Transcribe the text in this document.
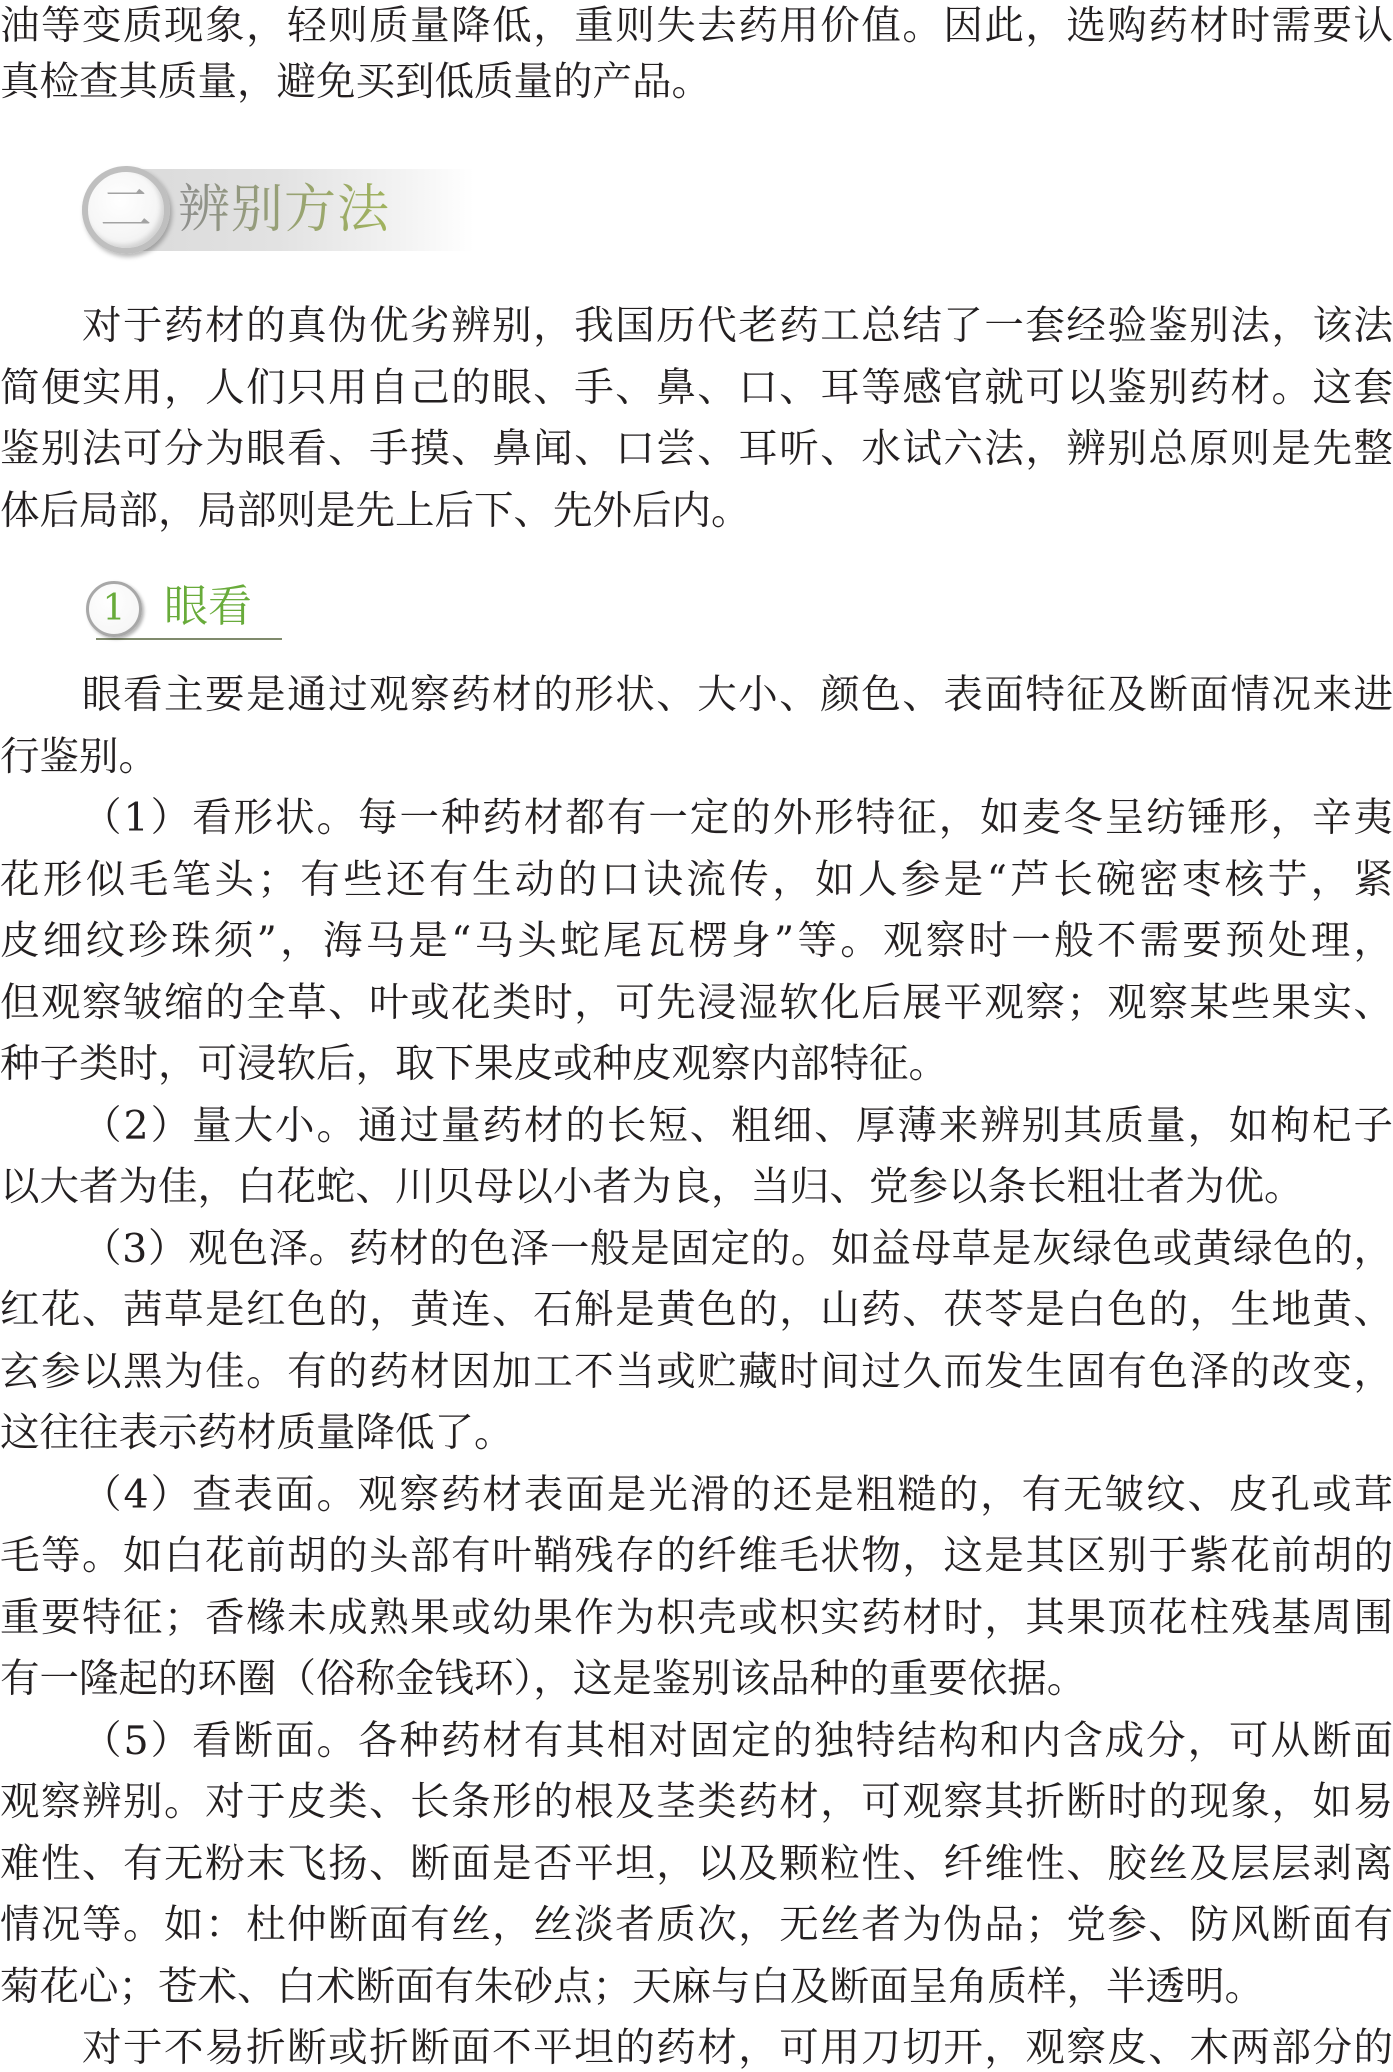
油等变质现象，轻则质量降低，重则失去药用价值。因此，选购药材时需要认
真检查其质量，避免买到低质量的产品。
二 辨别方法
对于药材的真伪优劣辨别，我国历代老药工总结了一套经验鉴别法，该法
简便实用，人们只用自己的眼、手、鼻、口、耳等感官就可以鉴别药材。这套
鉴别法可分为眼看、手摸、鼻闻、口尝、耳听、水试六法，辨别总原则是先整
体后局部，局部则是先上后下、先外后内。
1 眼看
眼看主要是通过观察药材的形状、大小、颜色、表面特征及断面情况来进
行鉴别。
（1）看形状。每一种药材都有一定的外形特征，如麦冬呈纺锤形，辛夷
花形似毛笔头；有些还有生动的口诀流传，如人参是“芦长碗密枣核艼，紧
皮细纹珍珠须”，海马是“马头蛇尾瓦楞身”等。观察时一般不需要预处理，
但观察皱缩的全草、叶或花类时，可先浸湿软化后展平观察；观察某些果实、
种子类时，可浸软后，取下果皮或种皮观察内部特征。
（2）量大小。通过量药材的长短、粗细、厚薄来辨别其质量，如枸杞子
以大者为佳，白花蛇、川贝母以小者为良，当归、党参以条长粗壮者为优。
（3）观色泽。药材的色泽一般是固定的。如益母草是灰绿色或黄绿色的，
红花、茜草是红色的，黄连、石斛是黄色的，山药、茯苓是白色的，生地黄、
玄参以黑为佳。有的药材因加工不当或贮藏时间过久而发生固有色泽的改变，
这往往表示药材质量降低了。
（4）查表面。观察药材表面是光滑的还是粗糙的，有无皱纹、皮孔或茸
毛等。如白花前胡的头部有叶鞘残存的纤维毛状物，这是其区别于紫花前胡的
重要特征；香橼未成熟果或幼果作为枳壳或枳实药材时，其果顶花柱残基周围
有一隆起的环圈（俗称金钱环），这是鉴别该品种的重要依据。
（5）看断面。各种药材有其相对固定的独特结构和内含成分，可从断面
观察辨别。对于皮类、长条形的根及茎类药材，可观察其折断时的现象，如易
难性、有无粉末飞扬、断面是否平坦，以及颗粒性、纤维性、胶丝及层层剥离
情况等。如：杜仲断面有丝，丝淡者质次，无丝者为伪品；党参、防风断面有
菊花心；苍术、白术断面有朱砂点；天麻与白及断面呈角质样，半透明。
对于不易折断或折断面不平坦的药材，可用刀切开，观察皮、木两部分的
